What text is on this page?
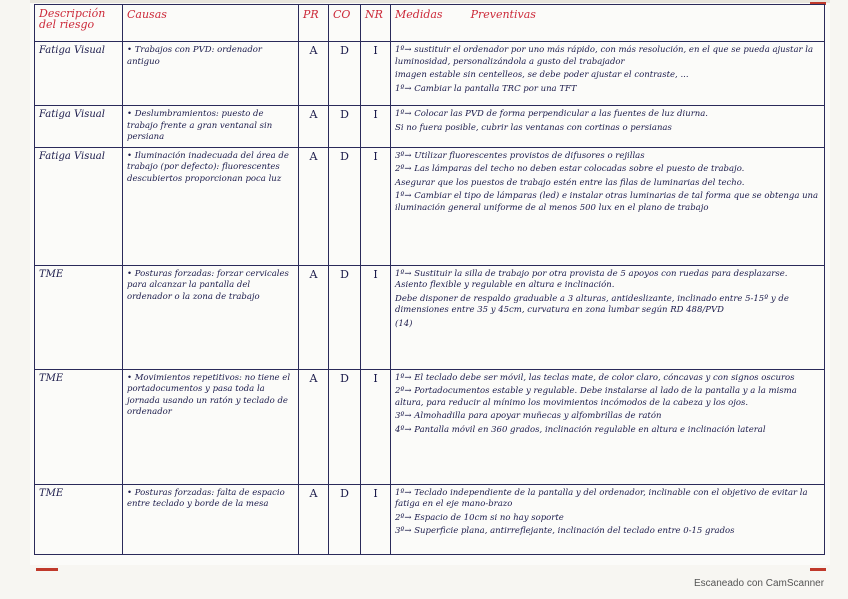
Descripción del riesgo	Causas	PR	CO	NR	Medidas Preventivas
Fatiga Visual	• Trabajos con PVD: ordenador antiguo	A	D	I	1º→ sustituir el ordenador por uno más rápido, con más resolución, en el que se pueda ajustar la luminosidad, personalizándola a gusto del trabajador
imagen estable sin centelleos, se debe poder ajustar el contraste, ...
1º→ Cambiar la pantalla TRC por una TFT

Fatiga Visual	• Deslumbramientos: puesto de trabajo frente a gran ventanal sin persiana	A	D	I	1º→ Colocar las PVD de forma perpendicular a las fuentes de luz diurna.
Si no fuera posible, cubrir las ventanas con cortinas o persianas

Fatiga Visual	• Iluminación inadecuada del área de trabajo (por defecto): fluorescentes descubiertos proporcionan poca luz	A	D	I	3º→ Utilizar fluorescentes provistos de difusores o rejillas
2º→ Las lámparas del techo no deben estar colocadas sobre el puesto de trabajo.
Asegurar que los puestos de trabajo estén entre las filas de luminarias del techo.
1º→ Cambiar el tipo de lámparas (led) e instalar otras luminarias de tal forma que se obtenga una iluminación general uniforme de al menos 500 lux en el plano de trabajo

TME	• Posturas forzadas: forzar cervicales para alcanzar la pantalla del ordenador o la zona de trabajo	A	D	I	1º→ Sustituir la silla de trabajo por otra provista de 5 apoyos con ruedas para desplazarse. Asiento flexible y regulable en altura e inclinación.
Debe disponer de respaldo graduable a 3 alturas, antideslizante, inclinado entre 5-15º y de dimensiones entre 35 y 45cm, curvatura en zona lumbar según RD 488/PVD
(14)

TME	• Movimientos repetitivos: no tiene el portadocumentos y pasa toda la jornada usando un ratón y teclado de ordenador	A	D	I	1º→ El teclado debe ser móvil, las teclas mate, de color claro, cóncavas y con signos oscuros
2º→ Portadocumentos estable y regulable. Debe instalarse al lado de la pantalla y a la misma altura, para reducir al mínimo los movimientos incómodos de la cabeza y los ojos.
3º→ Almohadilla para apoyar muñecas y alfombrillas de ratón
4º→ Pantalla móvil en 360 grados, inclinación regulable en altura e inclinación lateral

TME	• Posturas forzadas: falta de espacio entre teclado y borde de la mesa	A	D	I	1º→ Teclado independiente de la pantalla y del ordenador, inclinable con el objetivo de evitar la fatiga en el eje mano-brazo
2º→ Espacio de 10cm si no hay soporte
3º→ Superficie plana, antirreflejante, inclinación del teclado entre 0-15 grados
Escaneado con CamScanner
